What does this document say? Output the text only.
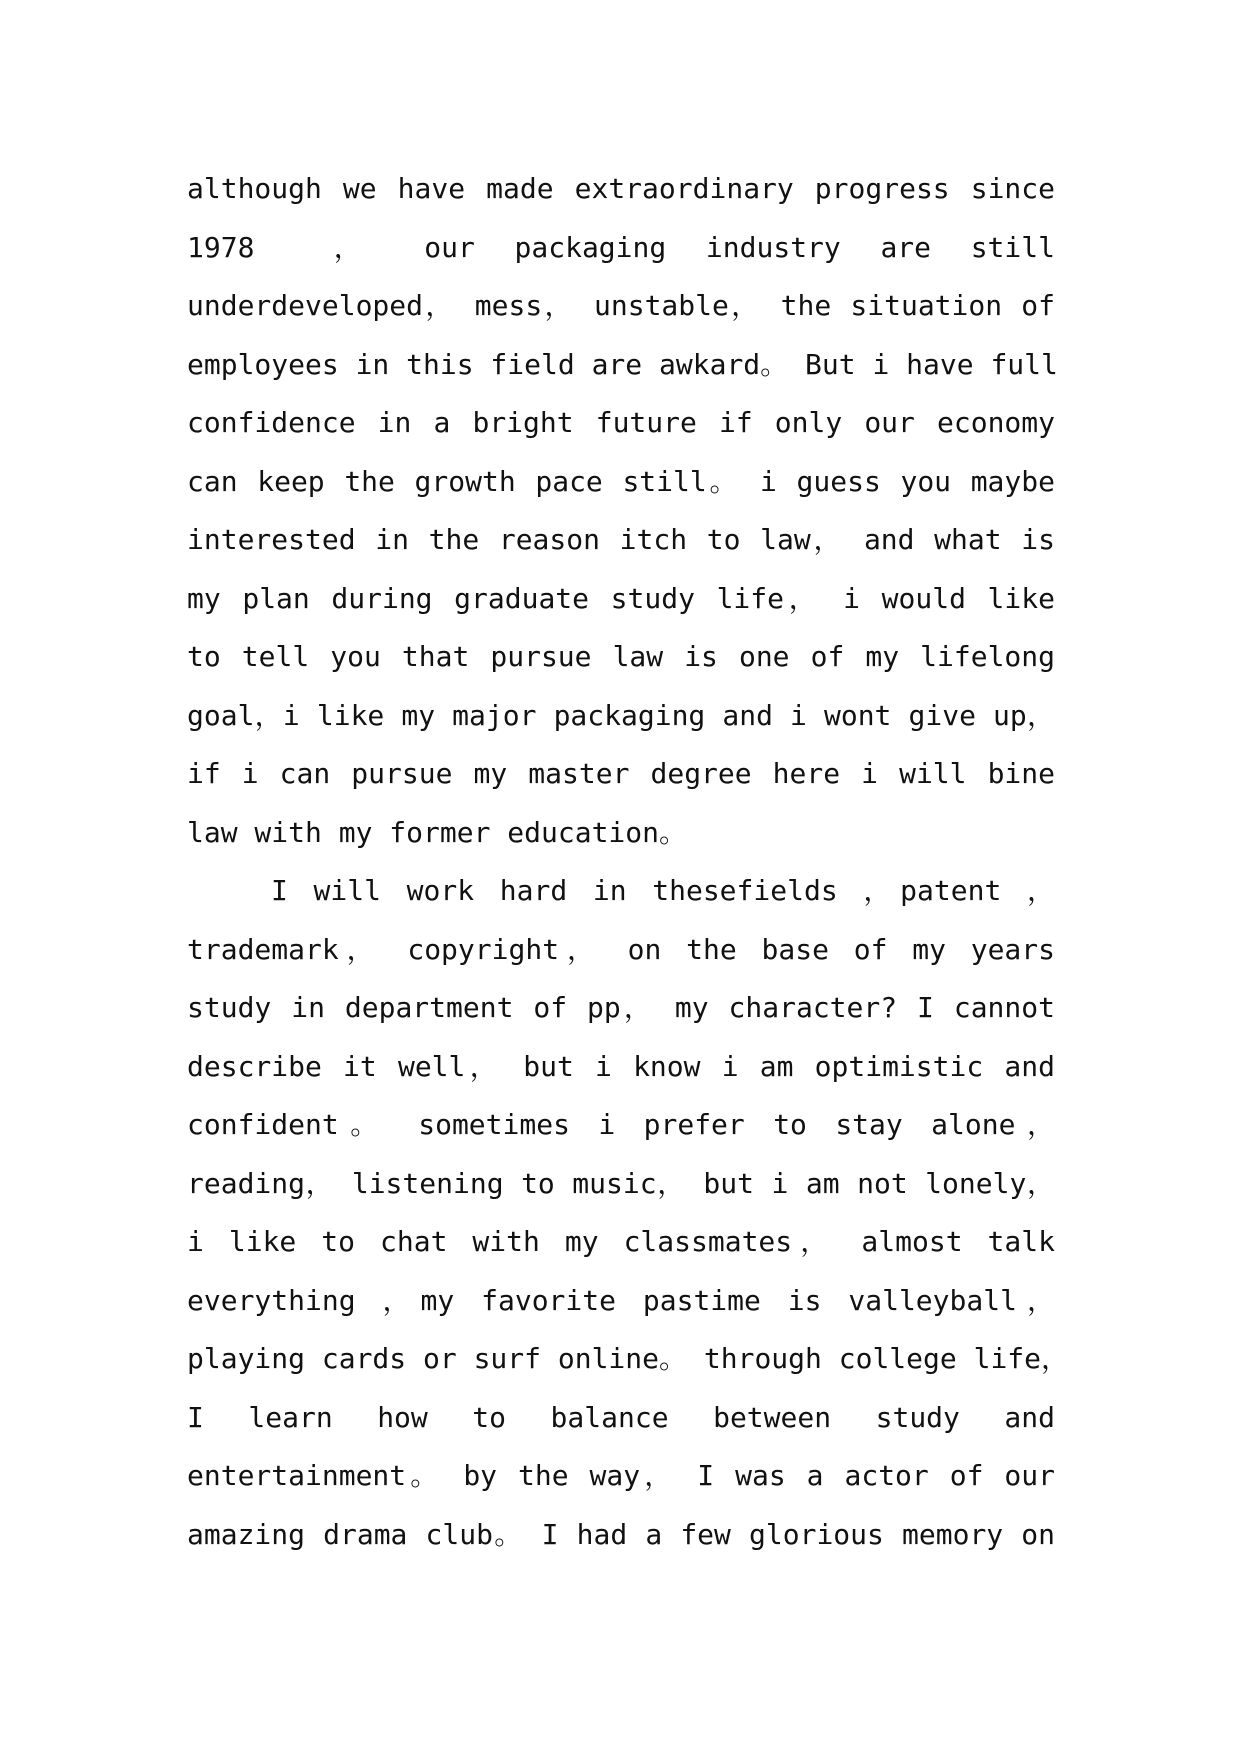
although we have made extraordinary progress since
1978  ， our packaging industry are still
underdeveloped， mess， unstable， the situation of
employees in this field are awkard。 But i have full
confidence in a bright future if only our economy
can keep the growth pace still。 i guess you maybe
interested in the reason itch to law， and what is
my plan during graduate study life， i would like
to tell you that pursue law is one of my lifelong
goal，i like my major packaging and i wont give up，
if i can pursue my master degree here i will bine
law with my former education。
I will work hard in thesefields ，patent ，
trademark， copyright， on the base of my years
study in department of pp， my character? I cannot
describe it well， but i know i am optimistic and
confident。 sometimes i prefer to stay alone，
reading， listening to music， but i am not lonely，
i like to chat with my classmates， almost talk
everything ，my favorite pastime is valleyball，
playing cards or surf online。 through college life，
I learn how to balance between study and
entertainment。 by the way， I was a actor of our
amazing drama club。 I had a few glorious memory on
